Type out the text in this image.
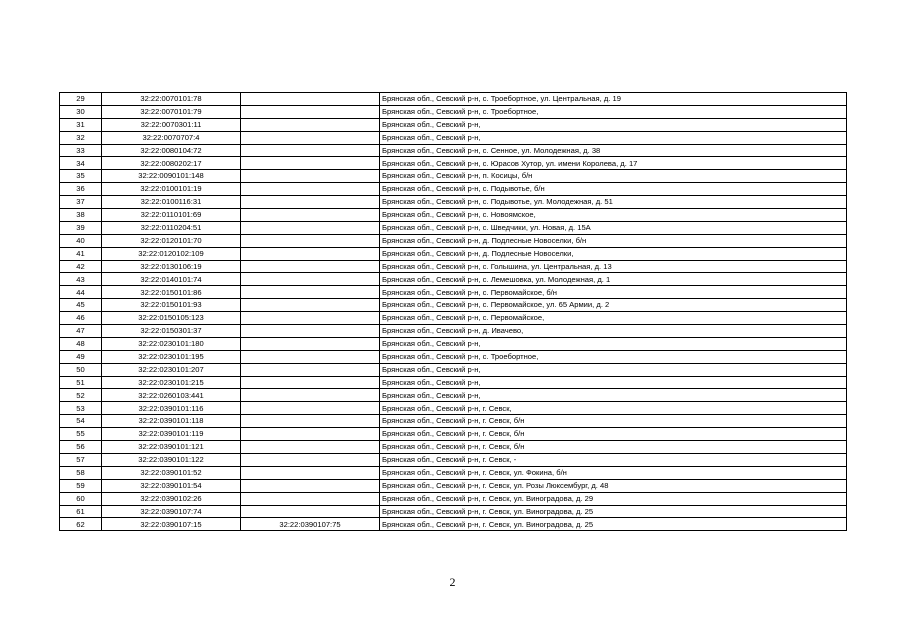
29	32:22:0070101:78		Брянская обл., Севский р-н, с. Троебортное, ул. Центральная, д. 19
30	32:22:0070101:79		Брянская обл., Севский р-н, с. Троебортное,
31	32:22:0070301:11		Брянская обл., Севский р-н,
32	32:22:0070707:4		Брянская обл., Севский р-н,
33	32:22:0080104:72		Брянская обл., Севский р-н, с. Сенное, ул. Молодежная, д. 38
34	32:22:0080202:17		Брянская обл., Севский р-н, с. Юрасов Хутор, ул. имени Королева, д. 17
35	32:22:0090101:148		Брянская обл., Севский р-н, п. Косицы, б/н
36	32:22:0100101:19		Брянская обл., Севский р-н, с. Подывотье, б/н
37	32:22:0100116:31		Брянская обл., Севский р-н, с. Подывотье, ул. Молодежная, д. 51
38	32:22:0110101:69		Брянская обл., Севский р-н, с. Новоямское,
39	32:22:0110204:51		Брянская обл., Севский р-н, с. Шведчики, ул. Новая, д. 15А
40	32:22:0120101:70		Брянская обл., Севский р-н, д. Подлесные Новоселки, б/н
41	32:22:0120102:109		Брянская обл., Севский р-н, д. Подлесные Новоселки,
42	32:22:0130106:19		Брянская обл., Севский р-н, с. Голышина, ул. Центральная, д. 13
43	32:22:0140101:74		Брянская обл., Севский р-н, с. Лемешовка, ул. Молодежная, д. 1
44	32:22:0150101:86		Брянская обл., Севский р-н, с. Первомайское, б/н
45	32:22:0150101:93		Брянская обл., Севский р-н, с. Первомайское, ул. 65 Армии, д. 2
46	32:22:0150105:123		Брянская обл., Севский р-н, с. Первомайское,
47	32:22:0150301:37		Брянская обл., Севский р-н, д. Ивачево,
48	32:22:0230101:180		Брянская обл., Севский р-н,
49	32:22:0230101:195		Брянская обл., Севский р-н, с. Троебортное,
50	32:22:0230101:207		Брянская обл., Севский р-н,
51	32:22:0230101:215		Брянская обл., Севский р-н,
52	32:22:0260103:441		Брянская обл., Севский р-н,
53	32:22:0390101:116		Брянская обл., Севский р-н, г. Севск,
54	32:22:0390101:118		Брянская обл., Севский р-н, г. Севск, б/н
55	32:22:0390101:119		Брянская обл., Севский р-н, г. Севск, б/н
56	32:22:0390101:121		Брянская обл., Севский р-н, г. Севск, б/н
57	32:22:0390101:122		Брянская обл., Севский р-н, г. Севск, -
58	32:22:0390101:52		Брянская обл., Севский р-н, г. Севск, ул. Фокина, б/н
59	32:22:0390101:54		Брянская обл., Севский р-н, г. Севск, ул. Розы Люксембург, д. 48
60	32:22:0390102:26		Брянская обл., Севский р-н, г. Севск, ул. Виноградова, д. 29
61	32:22:0390107:74		Брянская обл., Севский р-н, г. Севск, ул. Виноградова, д. 25
62	32:22:0390107:15	32:22:0390107:75	Брянская обл., Севский р-н, г. Севск, ул. Виноградова, д. 25
2
